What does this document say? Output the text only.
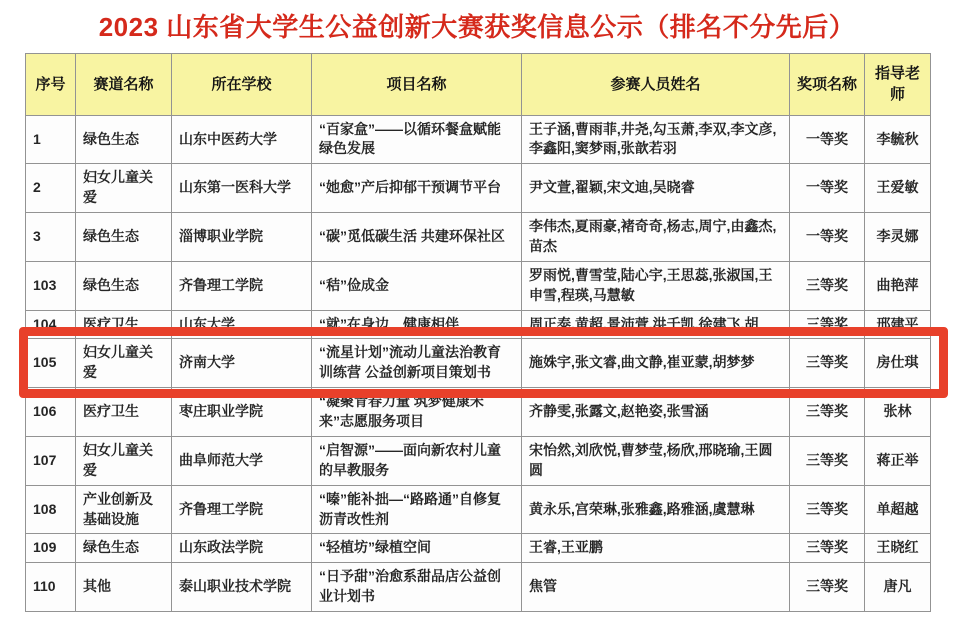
2023 山东省大学生公益创新大赛获奖信息公示（排名不分先后）
序号	赛道名称	所在学校	项目名称	参赛人员姓名	奖项名称	指导老师
1	绿色生态	山东中医药大学	“百家盒”——以循环餐盒赋能绿色发展	王子涵,曹雨菲,井尧,勾玉萧,李双,李文彦,李鑫阳,窦梦雨,张歆若羽	一等奖	李毓秋
2	妇女儿童关爱	山东第一医科大学	“她愈”产后抑郁干预调节平台	尹文萱,翟颖,宋文迪,吴晓睿	一等奖	王爱敏
3	绿色生态	淄博职业学院	“碳”觅低碳生活 共建环保社区	李伟杰,夏雨豪,褚奇奇,杨志,周宁,由鑫杰,苗杰	一等奖	李灵娜
103	绿色生态	齐鲁理工学院	“秸”俭成金	罗雨悦,曹雪莹,陆心宇,王思蕊,张淑国,王申雪,程瑛,马慧敏	三等奖	曲艳萍
104	医疗卫生	山东大学	“就”在身边，健康相伴	周正泰,黄超,景沛萱,洪千凯,徐建飞,胡	三等奖	邢建平
105	妇女儿童关爱	济南大学	“流星计划”流动儿童法治教育训练营 公益创新项目策划书	施姝宇,张文睿,曲文静,崔亚蒙,胡梦梦	三等奖	房仕琪
106	医疗卫生	枣庄职业学院	“凝聚青春力量 筑梦健康未来”志愿服务项目	齐静雯,张露文,赵艳姿,张雪涵	三等奖	张林
107	妇女儿童关爱	曲阜师范大学	“启智源”——面向新农村儿童的早教服务	宋怡然,刘欣悦,曹梦莹,杨欣,邢晓瑜,王圆圆	三等奖	蒋正举
108	产业创新及基础设施	齐鲁理工学院	“嗪”能补拙—“路路通”自修复沥青改性剂	黄永乐,宫荣琳,张雅鑫,路雅涵,虞慧琳	三等奖	单超越
109	绿色生态	山东政法学院	“轻植坊”绿植空间	王睿,王亚鹏	三等奖	王晓红
110	其他	泰山职业技术学院	“日予甜”治愈系甜品店公益创业计划书	焦管	三等奖	唐凡
